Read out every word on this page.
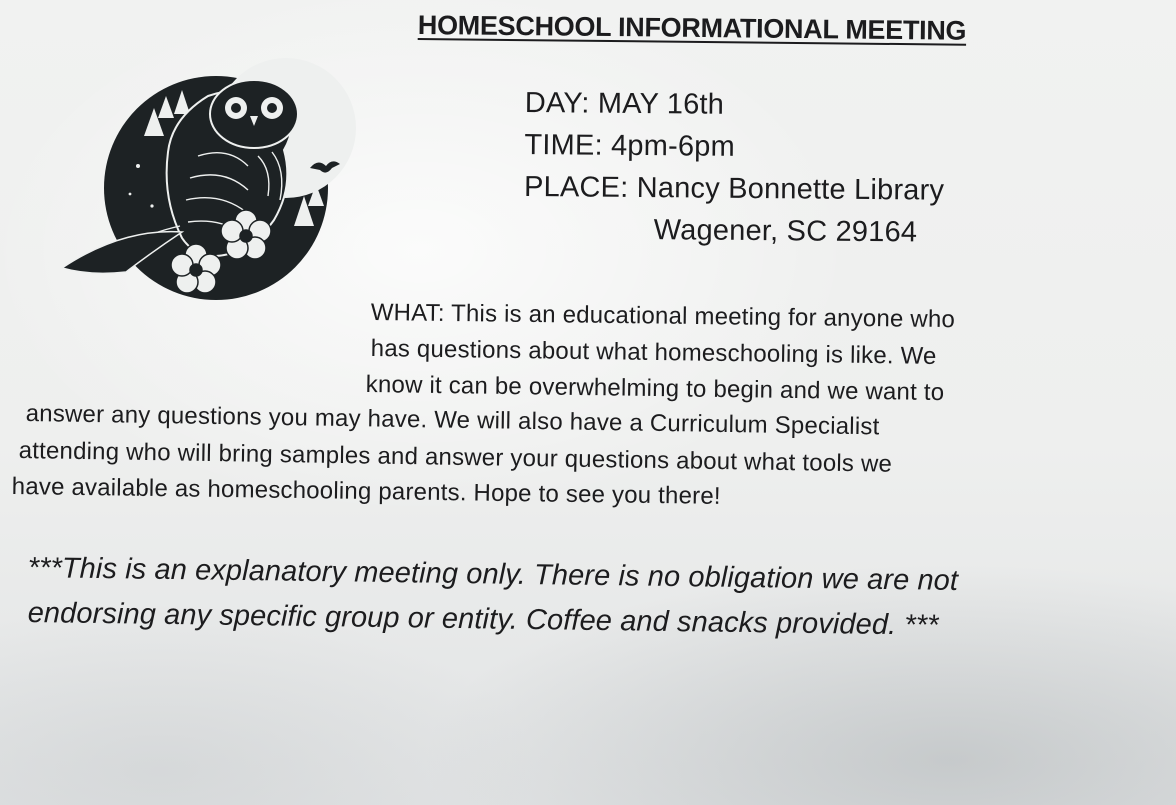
HOMESCHOOL INFORMATIONAL MEETING
DAY: MAY 16th
TIME: 4pm-6pm
PLACE: Nancy Bonnette Library
Wagener, SC 29164
WHAT: This is an educational meeting for anyone who
has questions about what homeschooling is like. We
know it can be overwhelming to begin and we want to
answer any questions you may have. We will also have a Curriculum Specialist
attending who will bring samples and answer your questions about what tools we
have available as homeschooling parents. Hope to see you there!
***This is an explanatory meeting only. There is no obligation we are not
endorsing any specific group or entity. Coffee and snacks provided. ***
